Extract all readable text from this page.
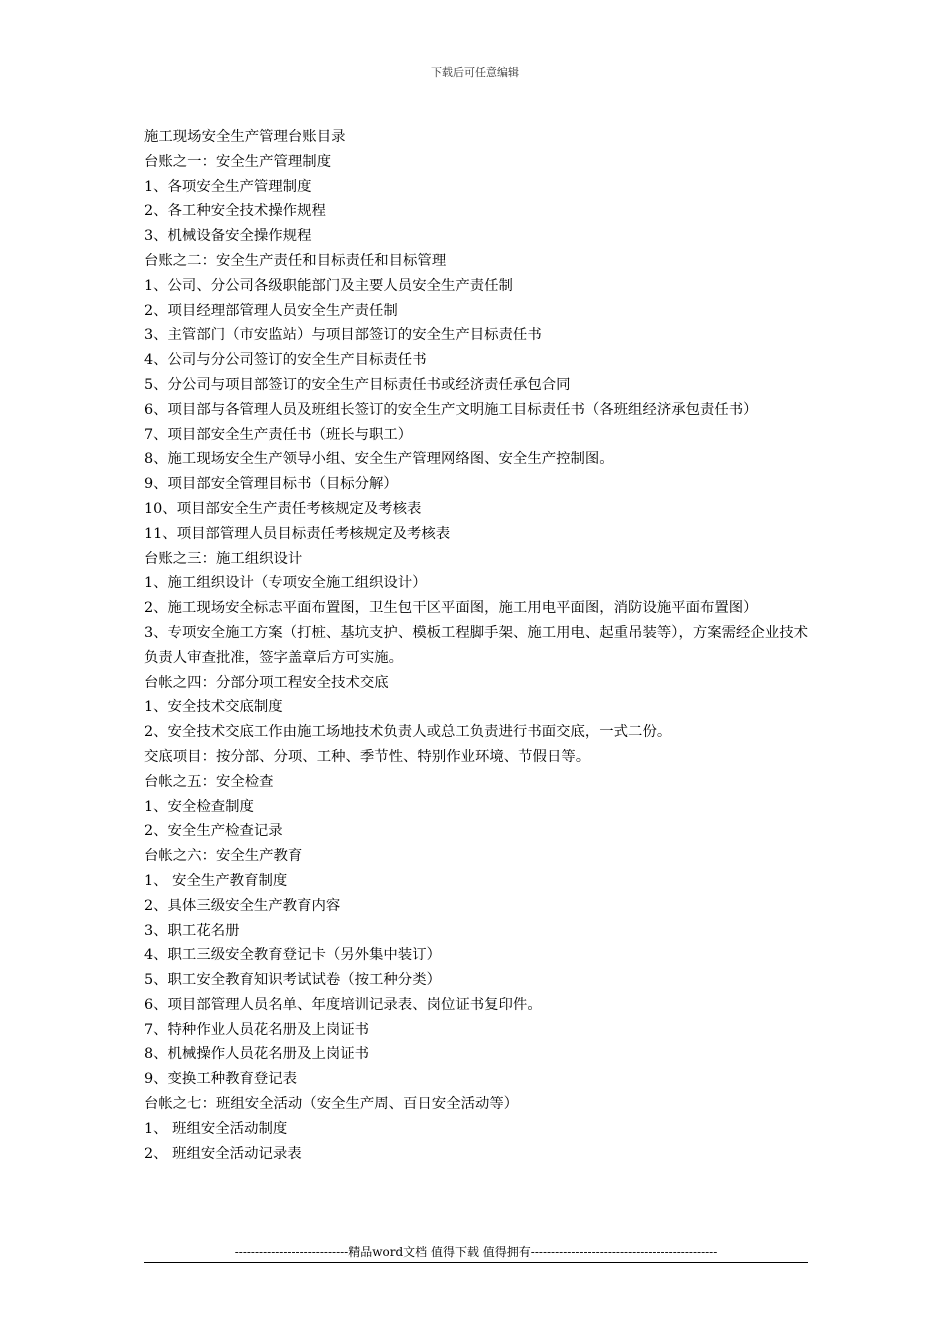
下载后可任意编辑
施工现场安全生产管理台账目录
台账之一：安全生产管理制度
1、各项安全生产管理制度
2、各工种安全技术操作规程
3、机械设备安全操作规程
台账之二：安全生产责任和目标责任和目标管理
1、公司、分公司各级职能部门及主要人员安全生产责任制
2、项目经理部管理人员安全生产责任制
3、主管部门（市安监站）与项目部签订的安全生产目标责任书
4、公司与分公司签订的安全生产目标责任书
5、分公司与项目部签订的安全生产目标责任书或经济责任承包合同
6、项目部与各管理人员及班组长签订的安全生产文明施工目标责任书（各班组经济承包责任书）
7、项目部安全生产责任书（班长与职工）
8、施工现场安全生产领导小组、安全生产管理网络图、安全生产控制图。
9、项目部安全管理目标书（目标分解）
10、项目部安全生产责任考核规定及考核表
11、项目部管理人员目标责任考核规定及考核表
台账之三：施工组织设计
1、施工组织设计（专项安全施工组织设计）
2、施工现场安全标志平面布置图，卫生包干区平面图，施工用电平面图，消防设施平面布置图）
3、专项安全施工方案（打桩、基坑支护、模板工程脚手架、施工用电、起重吊装等），方案需经企业技术负责人审查批准，签字盖章后方可实施。
台帐之四：分部分项工程安全技术交底
1、安全技术交底制度
2、安全技术交底工作由施工场地技术负责人或总工负责进行书面交底，一式二份。
交底项目：按分部、分项、工种、季节性、特别作业环境、节假日等。
台帐之五：安全检查
1、安全检查制度
2、安全生产检查记录
台帐之六：安全生产教育
1、 安全生产教育制度
2、具体三级安全生产教育内容
3、职工花名册
4、职工三级安全教育登记卡（另外集中装订）
5、职工安全教育知识考试试卷（按工种分类）
6、项目部管理人员名单、年度培训记录表、岗位证书复印件。
7、特种作业人员花名册及上岗证书
8、机械操作人员花名册及上岗证书
9、变换工种教育登记表
台帐之七：班组安全活动（安全生产周、百日安全活动等）
1、 班组安全活动制度
2、 班组安全活动记录表
----------------------------精品word文档 值得下载 值得拥有----------------------------------------------
